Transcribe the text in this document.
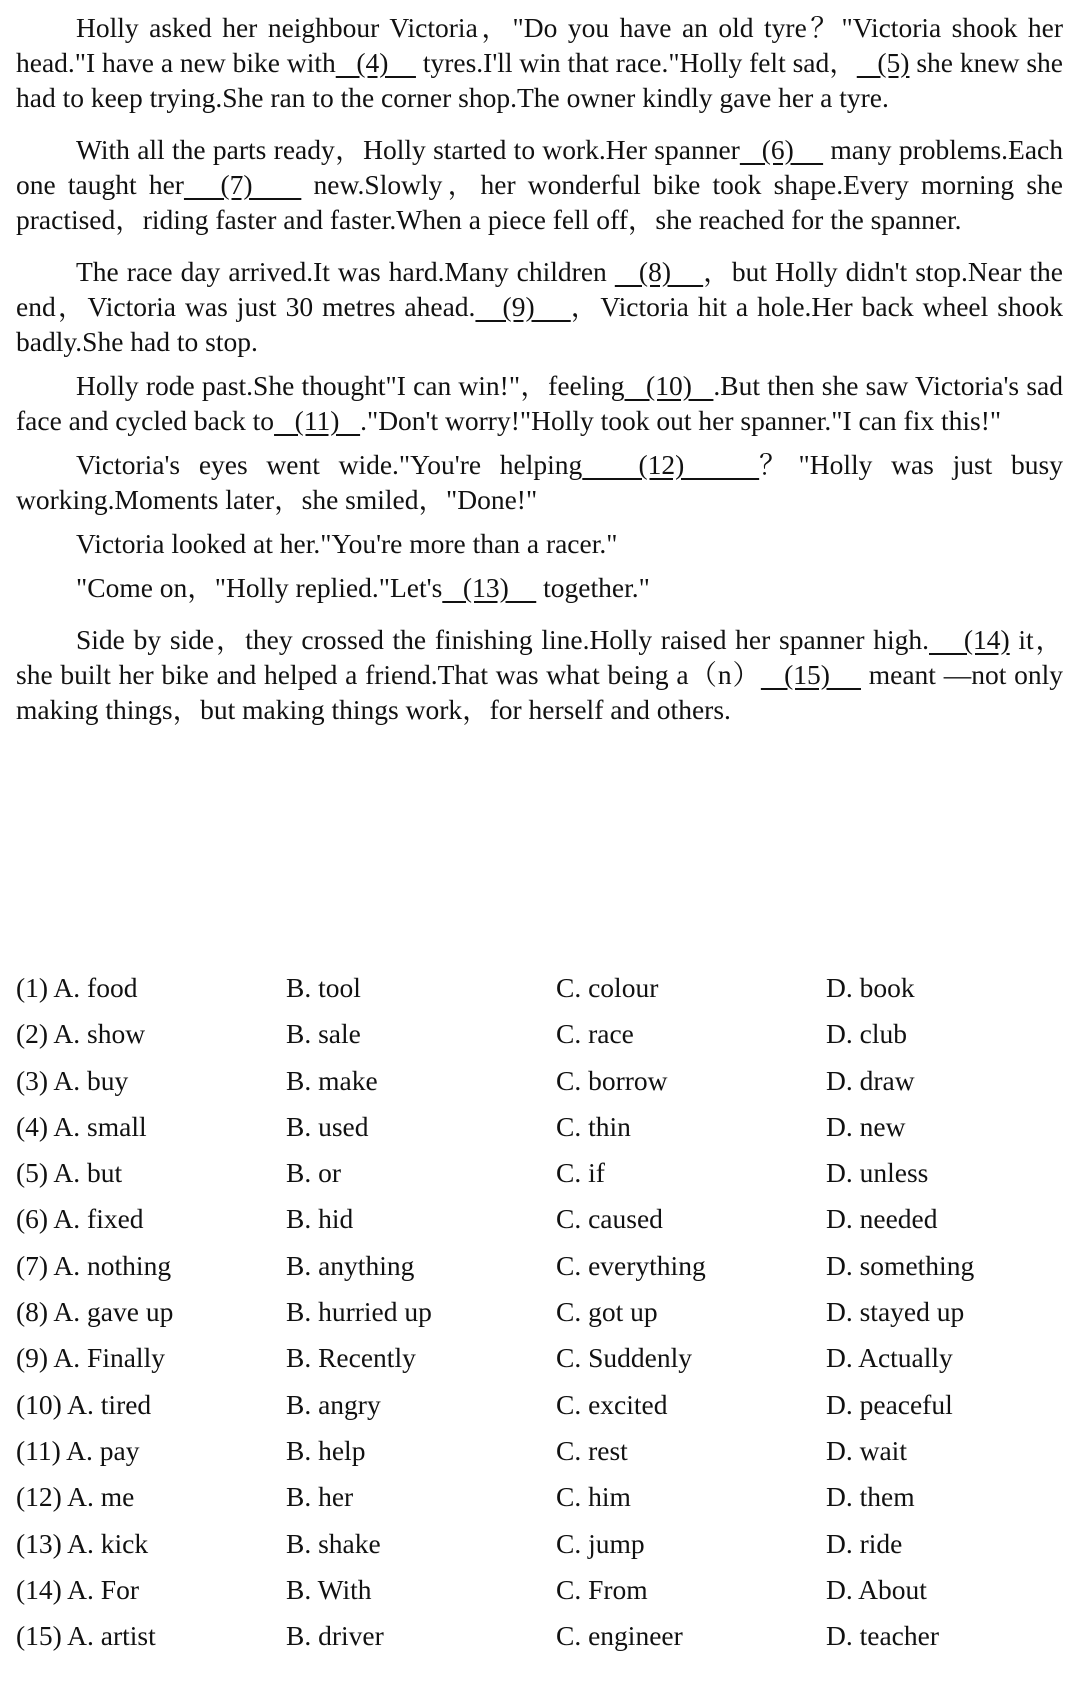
Holly asked her neighbour Victoria，"Do you have an old tyre？"Victoria shook her head."I have a new bike with   (4)     tyres.I'll win that race."Holly felt sad，   (5) she knew she had to keep trying.She ran to the corner shop.The owner kindly gave her a tyre.

With all the parts ready，Holly started to work.Her spanner   (6)     many problems.Each one taught her   (7)     new.Slowly，her wonderful bike took shape.Every morning she practised，riding faster and faster.When a piece fell off，she reached for the spanner.

The race day arrived.It was hard.Many children    (8)    ，but Holly didn't stop.Near the end，Victoria was just 30 metres ahead.   (9)    ，Victoria hit a hole.Her back wheel shook badly.She had to stop.

Holly rode past.She thought"I can win!"，feeling   (10)   .But then she saw Victoria's sad face and cycled back to   (11)   ."Don't worry!"Holly took out her spanner."I can fix this!"

Victoria's eyes went wide."You're helping   (12)    ？"Holly was just busy working.Moments later，she smiled，"Done!"

Victoria looked at her."You're more than a racer."

"Come on，"Holly replied."Let's   (13)     together."

Side by side，they crossed the finishing line.Holly raised her spanner high.    (14) it，she built her bike and helped a friend.That was what being a（n）   (15)     meant —not only making things，but making things work，for herself and others.

(1) A. food	B. tool	C. colour	D. book
(2) A. show	B. sale	C. race	D. club
(3) A. buy	B. make	C. borrow	D. draw
(4) A. small	B. used	C. thin	D. new
(5) A. but	B. or	C. if	D. unless
(6) A. fixed	B. hid	C. caused	D. needed
(7) A. nothing	B. anything	C. everything	D. something
(8) A. gave up	B. hurried up	C. got up	D. stayed up
(9) A. Finally	B. Recently	C. Suddenly	D. Actually
(10) A. tired	B. angry	C. excited	D. peaceful
(11) A. pay	B. help	C. rest	D. wait
(12) A. me	B. her	C. him	D. them
(13) A. kick	B. shake	C. jump	D. ride
(14) A. For	B. With	C. From	D. About
(15) A. artist	B. driver	C. engineer	D. teacher
